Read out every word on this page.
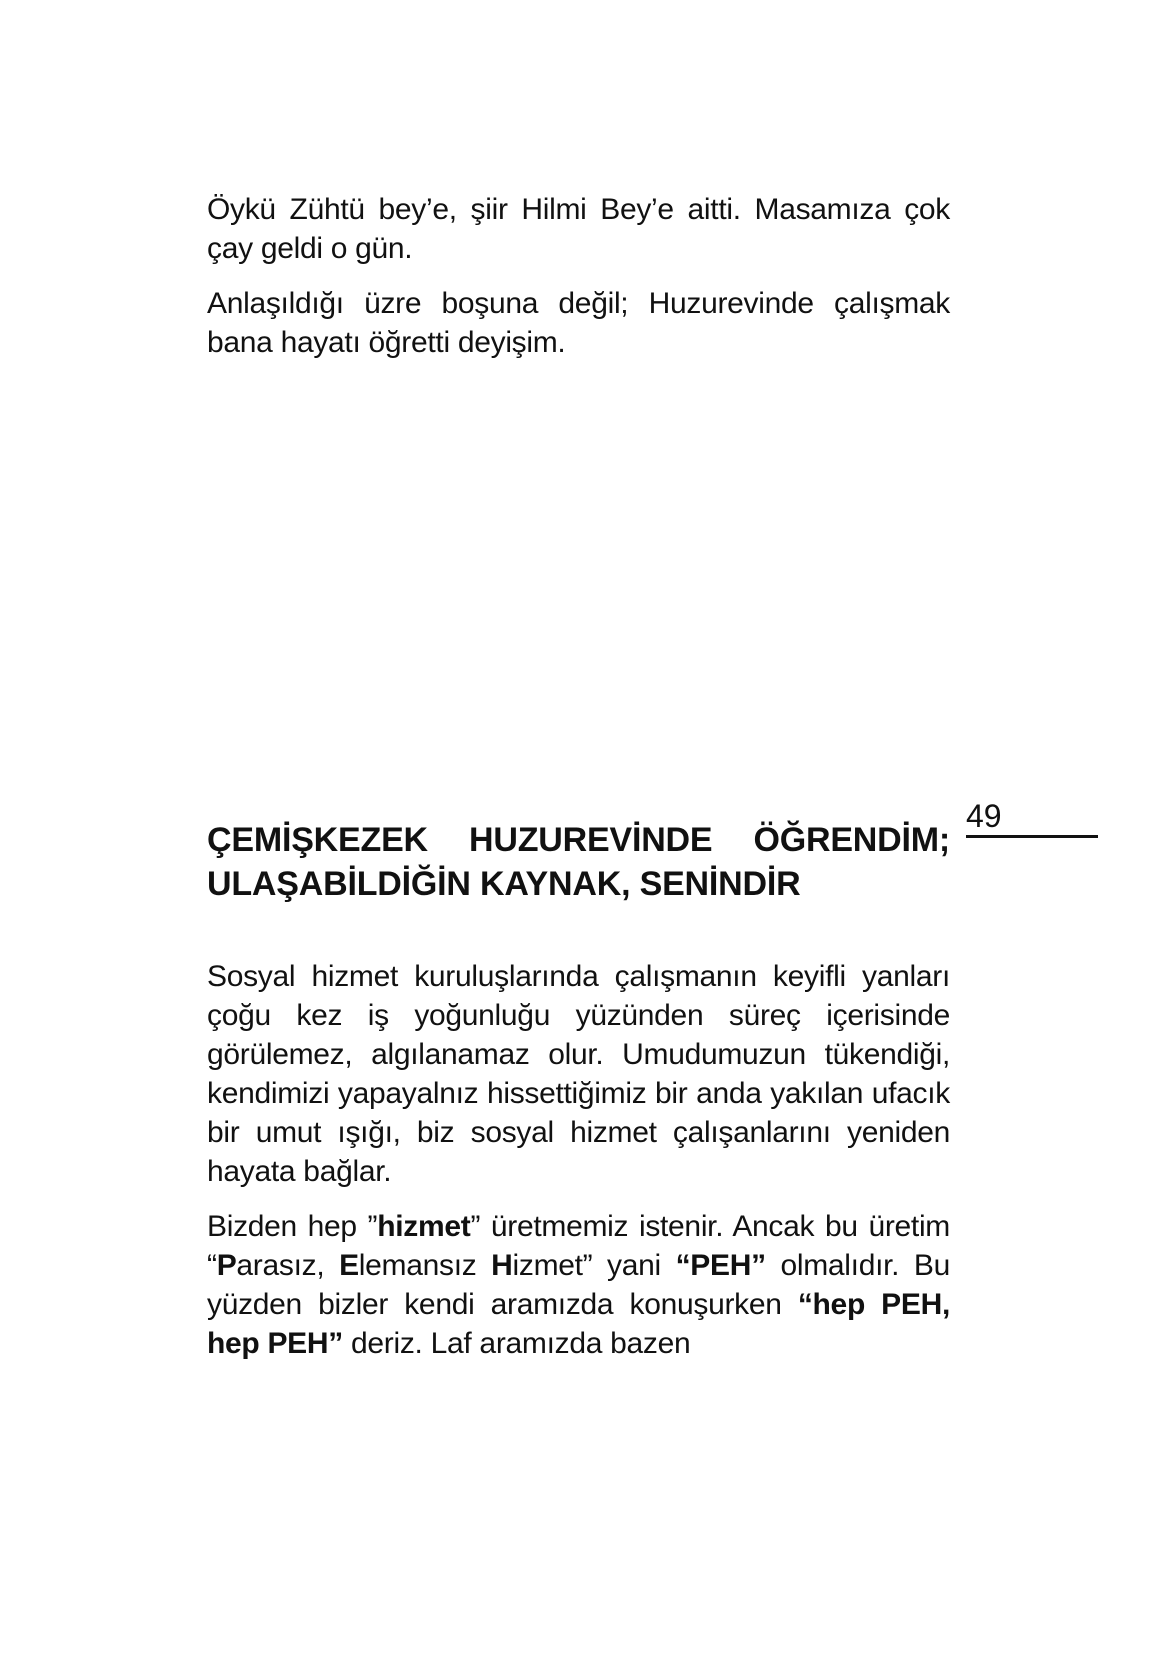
Öykü Zühtü bey’e, şiir Hilmi Bey’e aitti. Masamıza çok çay geldi o gün.

Anlaşıldığı üzre boşuna değil; Huzurevinde çalışmak bana hayatı öğretti deyişim.

49
ÇEMİŞKEZEK HUZUREVİNDE ÖĞRENDİM; ULAŞABİLDİĞİN KAYNAK, SENİNDİR

Sosyal hizmet kuruluşlarında çalışmanın keyifli yanları çoğu kez iş yoğunluğu yüzünden süreç içerisinde görülemez, algılanamaz olur. Umudumuzun tükendiği, kendimizi yapayalnız hissettiğimiz bir anda yakılan ufacık bir umut ışığı, biz sosyal hizmet çalışanlarını yeniden hayata bağlar.

Bizden hep ”hizmet” üretmemiz istenir. Ancak bu üretim “Parasız, Elemansız Hizmet” yani “PEH” olmalıdır. Bu yüzden bizler kendi aramızda konuşurken “hep PEH, hep PEH” deriz. Laf aramızda bazen
